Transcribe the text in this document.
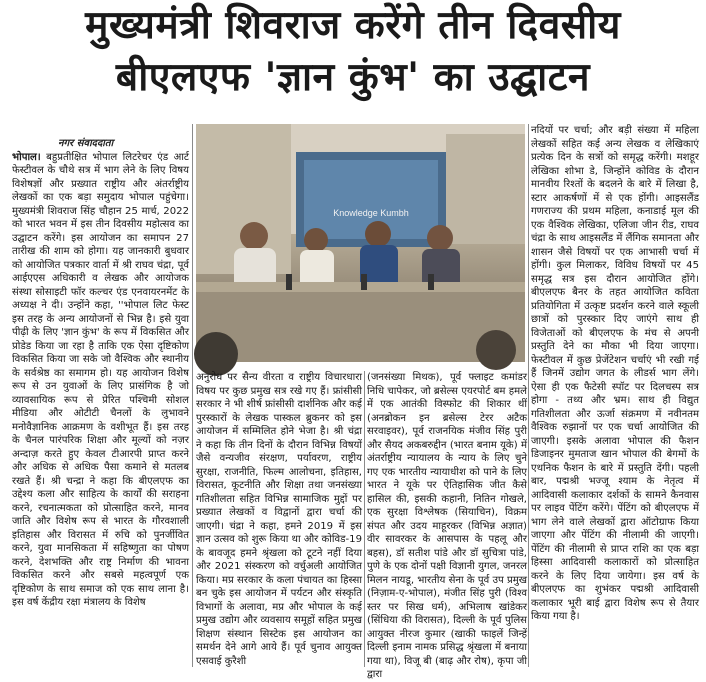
मुख्यमंत्री शिवराज करेंगे तीन दिवसीय
बीएलएफ 'ज्ञान कुंभ' का उद्घाटन

नगर संवाददाता

भोपाल। बहुप्रतीक्षित भोपाल लिटरेचर एंड आर्ट फेस्टीवल के चौथे सत्र में भाग लेने के लिए विषय विशेषज्ञों और प्रख्यात राष्ट्रीय और अंतर्राष्ट्रीय लेखकों का एक बड़ा समुदाय भोपाल पहुंचेगा। मुख्यमंत्री शिवराज सिंह चौहान 25 मार्च, 2022 को भारत भवन में इस तीन दिवसीय महोत्सव का उद्घाटन करेंगे। इस आयोजन का समापन 27 तारीख की शाम को होगा। यह जानकारी बुधवार को आयोजित पत्रकार वार्ता में श्री राघव चंद्रा, पूर्व आईएएस अधिकारी व लेखक और आयोजक संस्था सोसाइटी फॉर कल्चर एंड एनवायरनमेंट के अध्यक्ष ने दी। उन्होंने कहा, ''भोपाल लिट फेस्ट इस तरह के अन्य आयोजनों से भिन्न है। इसे युवा पीढ़ी के लिए 'ज्ञान कुंभ' के रूप में विकसित और प्रोडेड किया जा रहा है ताकि एक ऐसा दृष्टिकोण विकसित किया जा सके जो वैश्विक और स्थानीय के सर्वश्रेष्ठ का समागम हो। यह आयोजन विशेष रूप से उन युवाओं के लिए प्रासंगिक है जो व्यावसायिक रूप से प्रेरित पश्चिमी सोशल मीडिया और ओटीटी चैनलों के लुभावने मनोवैज्ञानिक आक्रमण के वशीभूत हैं। इस तरह के चैनल पारंपरिक शिक्षा और मूल्यों को नज़र अन्दाज़ करते हुए केवल टीआरपी प्राप्त करने और अधिक से अधिक पैसा कमाने से मतलब रखते हैं। श्री चन्द्रा ने कहा कि बीएलएफ का उद्देश्य कला और साहित्य के कार्यों की सराहना करने, रचनात्मकता को प्रोत्साहित करने, मानव जाति और विशेष रूप से भारत के गौरवशाली इतिहास और विरासत में रुचि को पुनर्जीवित करने, युवा मानसिकता में सहिष्णुता का पोषण करने, देशभक्ति और राष्ट्र निर्माण की भावना विकसित करने और सबसे महत्वपूर्ण एक दृष्टिकोण के साथ समाज को एक साथ लाना है। इस वर्ष केंद्रीय रक्षा मंत्रालय के विशेष

Knowledge Kumbh

अनुरोध पर सैन्य वीरता व राष्ट्रीय विचारधारा विषय पर कुछ प्रमुख सत्र रखे गए हैं। फ्रांसीसी सरकार ने भी शीर्ष फ्रांसीसी दार्शनिक और कई पुरस्कारों के लेखक पास्कल ब्रुकनर को इस आयोजन में सम्मिलित होने भेजा है। श्री चंद्रा ने कहा कि तीन दिनों के दौरान विभिन्न विषयों जैसे वन्यजीव संरक्षण, पर्यावरण, राष्ट्रीय सुरक्षा, राजनीति, फिल्म आलोचना, इतिहास, विरासत, कूटनीति और शिक्षा तथा जनसंख्या गतिशीलता सहित विभिन्न सामाजिक मुद्दों पर प्रख्यात लेखकों व विद्वानों द्वारा चर्चा की जाएगी। चंद्रा ने कहा, हमने 2019 में इस ज्ञान उत्सव को शुरू किया था और कोविड-19 के बावजूद हमने श्रृंखला को टूटने नहीं दिया और 2021 संस्करण को वर्चुअली आयोजित किया। मप्र सरकार के कला पंचायत का हिस्सा बन चुके इस आयोजन में पर्यटन और संस्कृति विभागों के अलावा, मप्र और भोपाल के कई प्रमुख उद्योग और व्यवसाय समूहों सहित प्रमुख शिक्षण संस्थान सिस्टेक इस आयोजन का समर्थन देने आगे आये हैं। पूर्व चुनाव आयुक्त एसवाई कुरैशी

(जनसंख्या मिथक), पूर्व फ्लाइट कमांडर निधि चापेकर, जो ब्रसेल्स एयरपोर्ट बम हमले में एक आतंकी विस्फोट की शिकार थीं (अनब्रोकन इन ब्रसेल्स टेरर अटैक सरवाइवर), पूर्व राजनयिक मंजीव सिंह पुरी और सैयद अकबरुद्दीन (भारत बनाम यूके) में अंतर्राष्ट्रीय न्यायालय के न्याय के लिए चुने गए एक भारतीय न्यायाधीश को पाने के लिए भारत ने यूके पर ऐतिहासिक जीत कैसे हासिल की, इसकी कहानी, नितिन गोखले, एक सुरक्षा विश्लेषक (सियाचिन), विक्रम संपत और उदय माहूरकर (विभिन्न अज्ञात) वीर सावरकर के आसपास के पहलू और बहस), डॉ सतीश पांडे और डॉ सुचित्रा पांडे, पुणे के एक दोनों पक्षी विज्ञानी युगल, जनरल मिलन नायडू, भारतीय सेना के पूर्व उप प्रमुख (निज़ाम-ए-भोपाल), मंजीत सिंह पुरी (विश्व स्तर पर सिख धर्म), अभिलाष खांडेकर (सिंधिया की विरासत), दिल्ली के पूर्व पुलिस आयुक्त नीरज कुमार (खाकी फाइलें जिन्हें दिल्ली इनाम नामक प्रसिद्ध श्रृंखला में बनाया गया था), विजू बी (बाढ़ और रोष), कृपा जी द्वारा

नदियों पर चर्चा; और बड़ी संख्या में महिला लेखकों सहित कई अन्य लेखक व लेखिकाएं प्रत्येक दिन के सत्रों को समृद्ध करेंगी। मशहूर लेखिका शोभा डे, जिन्होंने कोविड के दौरान मानवीय रिश्तों के बदलने के बारे में लिखा है, स्टार आकर्षणों में से एक होंगी। आइसलैंड गणराज्य की प्रथम महिला, कनाडाई मूल की एक वैश्विक लेखिका, एलिजा जीन रीड, राघव चंद्रा के साथ आइसलैंड में लैंगिक समानता और शासन जैसे विषयों पर एक आभासी चर्चा में होंगी। कुल मिलाकर, विविध विषयों पर 45 समृद्ध सत्र इस दौरान आयोजित होंगे। बीएलएफ बैनर के तहत आयोजित कविता प्रतियोगिता में उत्कृष्ट प्रदर्शन करने वाले स्कूली छात्रों को पुरस्कार दिए जाएंगे साथ ही विजेताओं को बीएलएफ के मंच से अपनी प्रस्तुति देने का मौका भी दिया जाएगा। फेस्टीवल में कुछ प्रेजेंटेशन चर्चाएं भी रखी गई हैं जिनमें उद्योग जगत के लीडर्स भाग लेंगे। ऐसा ही एक फैटेसी स्पॉट पर दिलचस्प सत्र होगा - तथ्य और भ्रम। साथ ही विद्युत गतिशीलता और ऊर्जा संक्रमण में नवीनतम वैश्विक रुझानों पर एक चर्चा आयोजित की जाएगी। इसके अलावा भोपाल की फैशन डिजाइनर मुमताज खान भोपाल की बेगमों के एथनिक फैशन के बारे में प्रस्तुति देंगी। पहली बार, पद्मश्री भज्जू श्याम के नेतृत्व में आदिवासी कलाकार दर्शकों के सामने कैनवास पर लाइव पेंटिंग करेंगे। पेंटिंग को बीएलएफ में भाग लेने वाले लेखकों द्वारा ऑटोग्राफ किया जाएगा और पेंटिंग की नीलामी की जाएगी। पेंटिंग की नीलामी से प्राप्त राशि का एक बड़ा हिस्सा आदिवासी कलाकारों को प्रोत्साहित करने के लिए दिया जायेगा। इस वर्ष के बीएलएफ का शुभंकर पद्मश्री आदिवासी कलाकार भूरी बाई द्वारा विशेष रूप से तैयार किया गया है।
